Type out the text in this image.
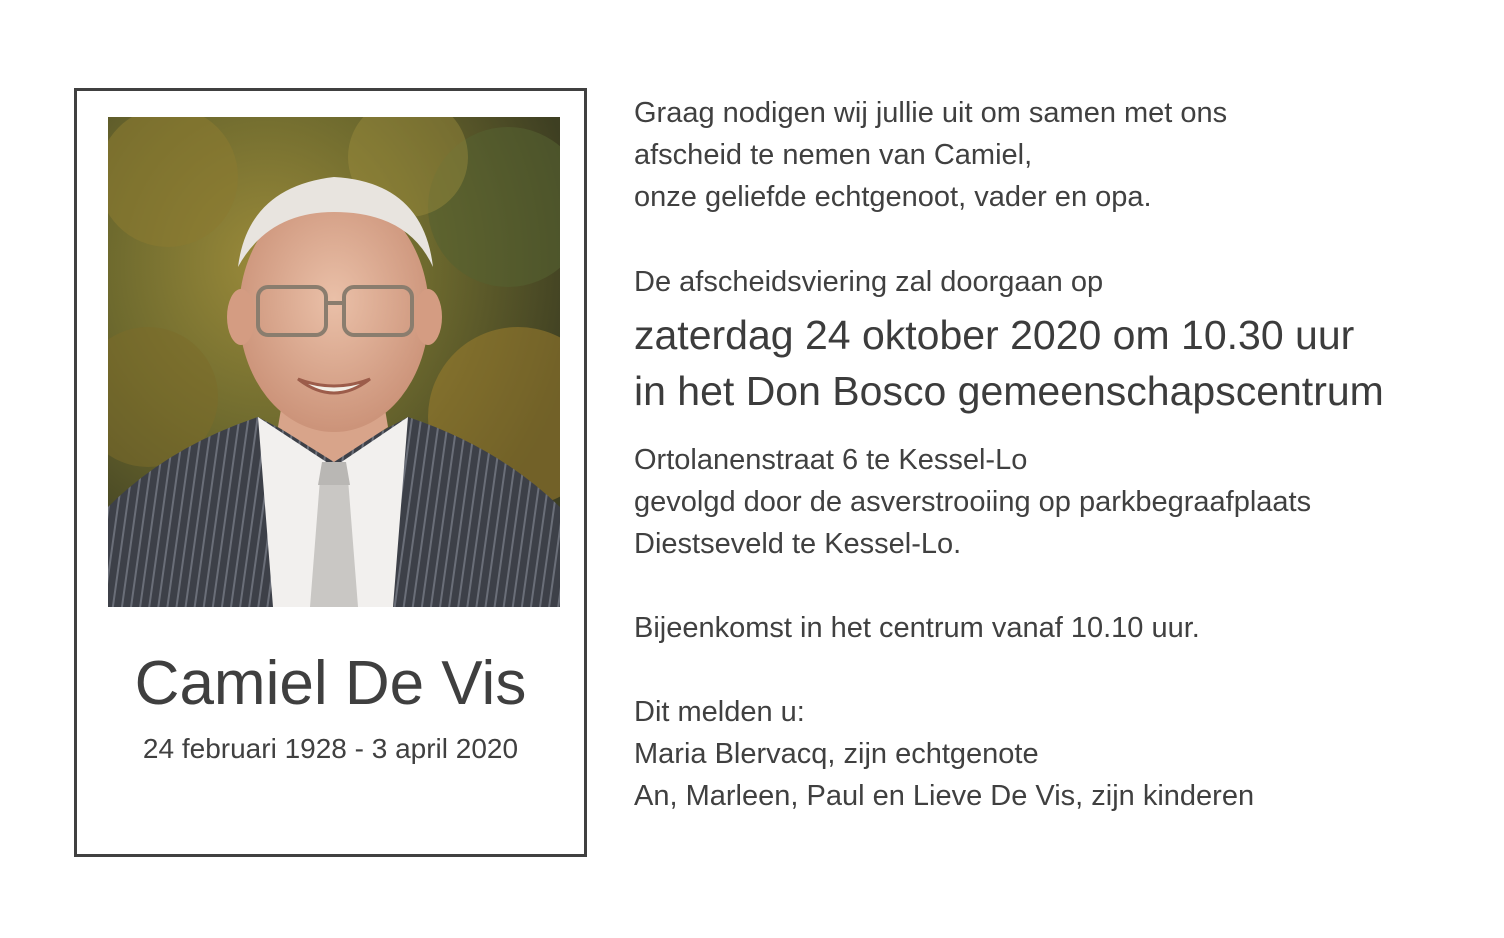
Camiel De Vis
24 februari 1928 - 3 april 2020

Graag nodigen wij jullie uit om samen met ons

afscheid te nemen van Camiel,

onze geliefde echtgenoot, vader en opa.

De afscheidsviering zal doorgaan op

zaterdag 24 oktober 2020 om 10.30 uur

in het Don Bosco gemeenschapscentrum

Ortolanenstraat 6 te Kessel-Lo

gevolgd door de asverstrooiing op parkbegraafplaats

Diestseveld te Kessel-Lo.

Bijeenkomst in het centrum vanaf 10.10 uur.

Dit melden u:

Maria Blervacq, zijn echtgenote

An, Marleen, Paul en Lieve De Vis, zijn kinderen
